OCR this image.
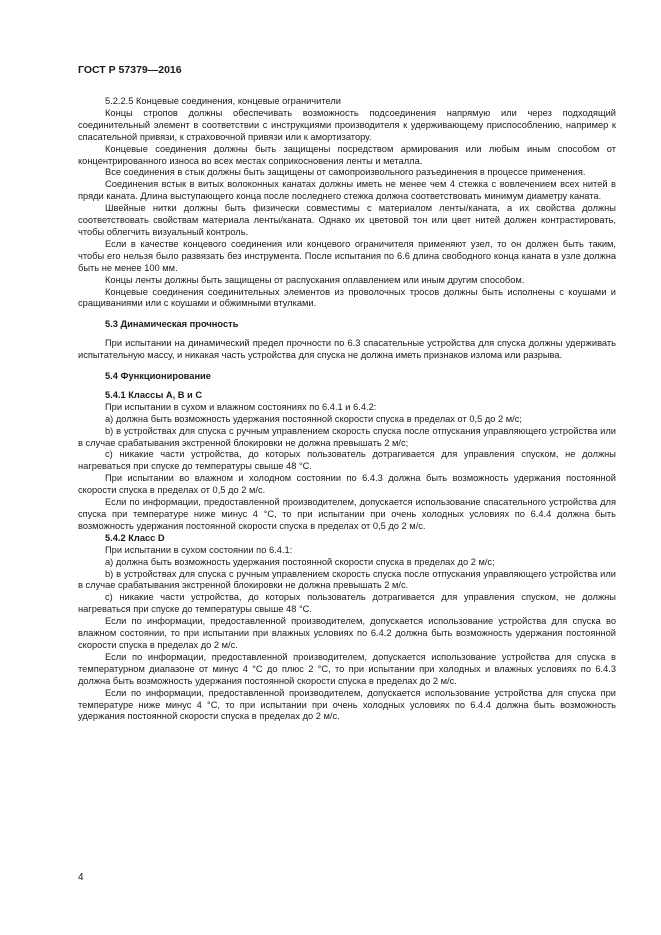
ГОСТ Р 57379—2016

5.2.2.5 Концевые соединения, концевые ограничители

Концы стропов должны обеспечивать возможность подсоединения напрямую или через подходящий соединительный элемент в соответствии с инструкциями производителя к удерживающему приспособлению, например к спасательной привязи, к страховочной привязи или к амортизатору.

Концевые соединения должны быть защищены посредством армирования или любым иным способом от концентрированного износа во всех местах соприкосновения ленты и металла.

Все соединения в стык должны быть защищены от самопроизвольного разъединения в процессе применения.

Соединения встык в витых волоконных канатах должны иметь не менее чем 4 стежка с вовлечением всех нитей в пряди каната. Длина выступающего конца после последнего стежка должна соответствовать минимум диаметру каната.

Швейные нитки должны быть физически совместимы с материалом ленты/каната, а их свойства должны соответствовать свойствам материала ленты/каната. Однако их цветовой тон или цвет нитей должен контрастировать, чтобы облегчить визуальный контроль.

Если в качестве концевого соединения или концевого ограничителя применяют узел, то он должен быть таким, чтобы его нельзя было развязать без инструмента. После испытания по 6.6 длина свободного конца каната в узле должна быть не менее 100 мм.

Концы ленты должны быть защищены от распускания оплавлением или иным другим способом.

Концевые соединения соединительных элементов из проволочных тросов должны быть исполнены с коушами и сращиваниями или с коушами и обжимными втулками.

5.3 Динамическая прочность

При испытании на динамический предел прочности по 6.3 спасательные устройства для спуска должны удерживать испытательную массу, и никакая часть устройства для спуска не должна иметь признаков излома или разрыва.

5.4 Функционирование

5.4.1 Классы А, В и С

При испытании в сухом и влажном состояниях по 6.4.1 и 6.4.2:

а) должна быть возможность удержания постоянной скорости спуска в пределах от 0,5 до 2 м/с;

b) в устройствах для спуска с ручным управлением скорость спуска после отпускания управляющего устройства или в случае срабатывания экстренной блокировки не должна превышать 2 м/с;

с) никакие части устройства, до которых пользователь дотрагивается для управления спуском, не должны нагреваться при спуске до температуры свыше 48 °С.

При испытании во влажном и холодном состоянии по 6.4.3 должна быть возможность удержания постоянной скорости спуска в пределах от 0,5 до 2 м/с.

Если по информации, предоставленной производителем, допускается использование спасательного устройства для спуска при температуре ниже минус 4 °С, то при испытании при очень холодных условиях по 6.4.4 должна быть возможность удержания постоянной скорости спуска в пределах от 0,5 до 2 м/с.

5.4.2 Класс D

При испытании в сухом состоянии по 6.4.1:

а) должна быть возможность удержания постоянной скорости спуска в пределах до 2 м/с;

b) в устройствах для спуска с ручным управлением скорость спуска после отпускания управляющего устройства или в случае срабатывания экстренной блокировки не должна превышать 2 м/с.

с) никакие части устройства, до которых пользователь дотрагивается для управления спуском, не должны нагреваться при спуске до температуры свыше 48 °С.

Если по информации, предоставленной производителем, допускается использование устройства для спуска во влажном состоянии, то при испытании при влажных условиях по 6.4.2 должна быть возможность удержания постоянной скорости спуска в пределах до 2 м/с.

Если по информации, предоставленной производителем, допускается использование устройства для спуска в температурном диапазоне от минус 4 °С до плюс 2 °С, то при испытании при холодных и влажных условиях по 6.4.3 должна быть возможность удержания постоянной скорости спуска в пределах до 2 м/с.

Если по информации, предоставленной производителем, допускается использование устройства для спуска при температуре ниже минус 4 °С, то при испытании при очень холодных условиях по 6.4.4 должна быть возможность удержания постоянной скорости спуска в пределах до 2 м/с.

4
